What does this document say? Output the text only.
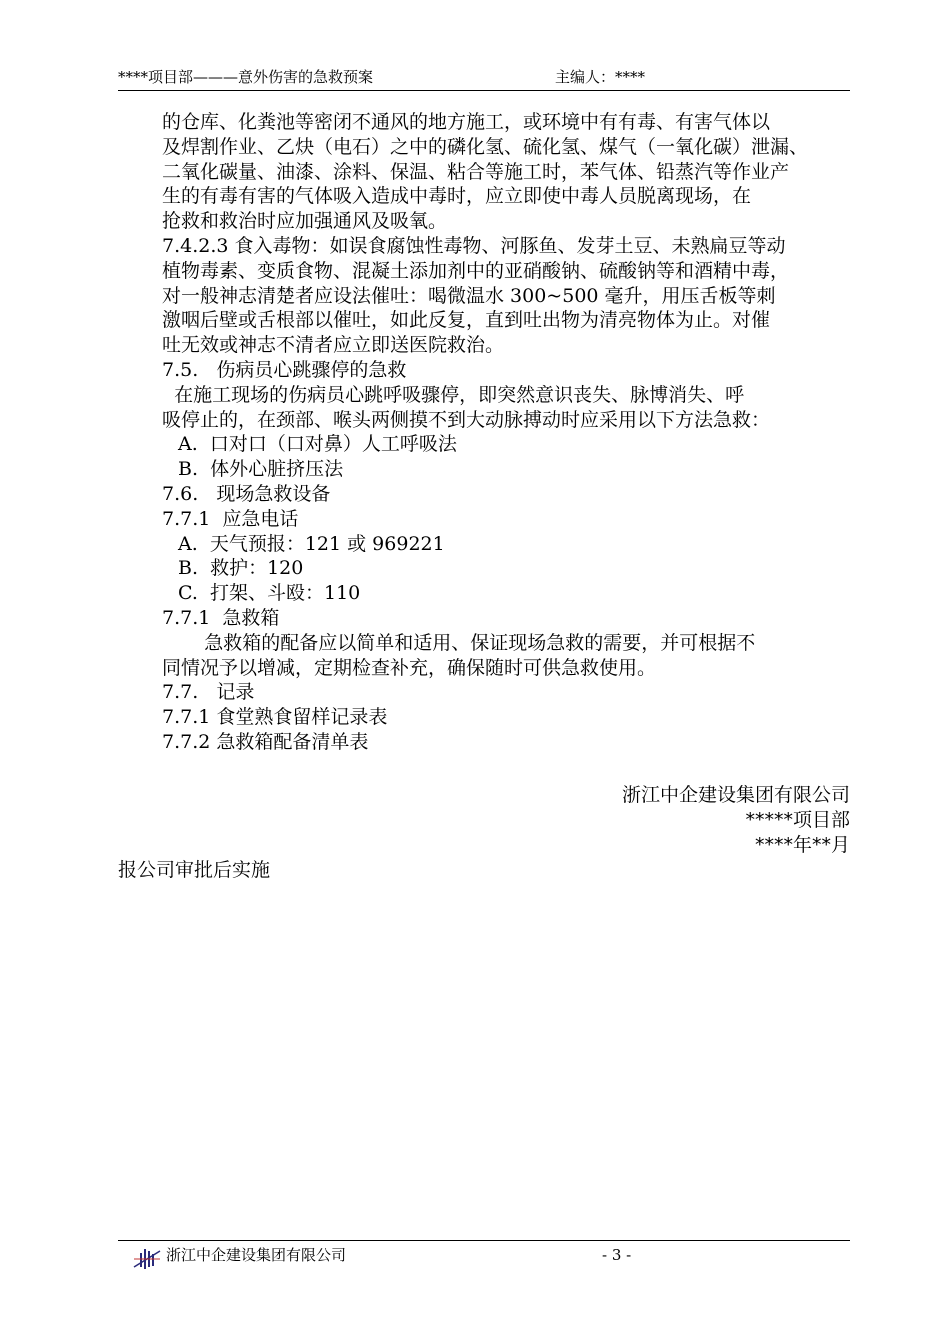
****项目部———意外伤害的急救预案	主编人：****

的仓库、化粪池等密闭不通风的地方施工，或环境中有有毒、有害气体以

及焊割作业、乙炔（电石）之中的磷化氢、硫化氢、煤气（一氧化碳）泄漏、

二氧化碳量、油漆、涂料、保温、粘合等施工时，苯气体、铅蒸汽等作业产

生的有毒有害的气体吸入造成中毒时，应立即使中毒人员脱离现场，在

抢救和救治时应加强通风及吸氧。

7.4.2.3 食入毒物：如误食腐蚀性毒物、河豚鱼、发芽土豆、未熟扁豆等动

植物毒素、变质食物、混凝土添加剂中的亚硝酸钠、硫酸钠等和酒精中毒，

对一般神志清楚者应设法催吐：喝微温水 300~500 毫升，用压舌板等刺

激咽后壁或舌根部以催吐，如此反复，直到吐出物为清亮物体为止。对催

吐无效或神志不清者应立即送医院救治。

7.5.   伤病员心跳骤停的急救

在施工现场的伤病员心跳呼吸骤停，即突然意识丧失、脉博消失、呼

吸停止的，在颈部、喉头两侧摸不到大动脉搏动时应采用以下方法急救：

A.  口对口（口对鼻）人工呼吸法

B.  体外心脏挤压法

7.6.   现场急救设备

7.7.1  应急电话

A.  天气预报：121 或 969221

B.  救护：120

C.  打架、斗殴：110

7.7.1  急救箱

急救箱的配备应以简单和适用、保证现场急救的需要，并可根据不

同情况予以增减，定期检查补充，确保随时可供急救使用。

7.7.   记录

7.7.1 食堂熟食留样记录表

7.7.2 急救箱配备清单表

浙江中企建设集团有限公司
*****项目部
****年**月
报公司审批后实施
浙江中企建设集团有限公司	- 3 -
